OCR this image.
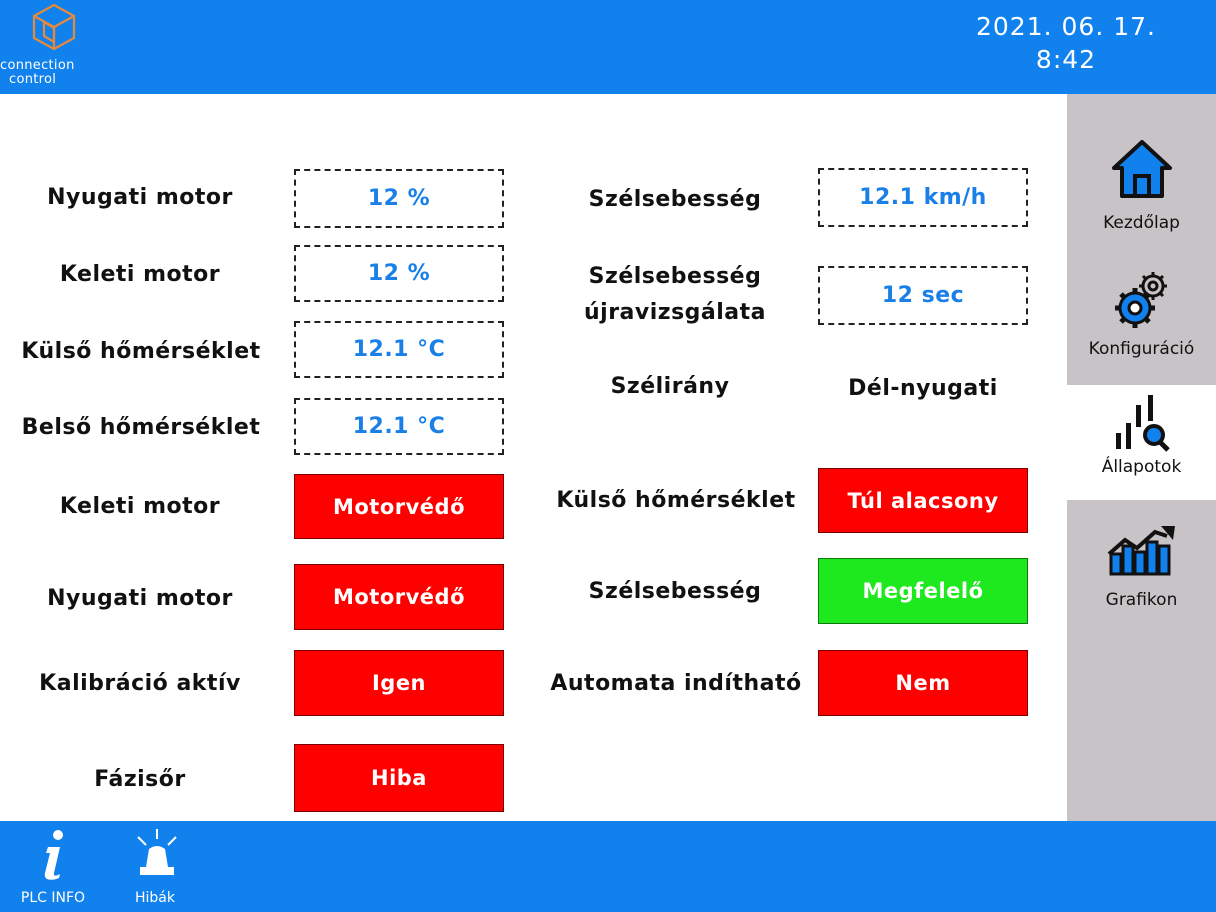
connection
control
2021. 06. 17.
8:42
Nyugati motor	12 %
Keleti motor	12 %
Külső hőmérséklet	12.1 °C
Belső hőmérséklet	12.1 °C
Keleti motor	Motorvédő
Nyugati motor	Motorvédő
Kalibráció aktív	Igen
Fázisőr	Hiba
Szélsebesség	12.1 km/h
Szélsebesség
újravizsgálata
12 sec
Szélirány	Dél-nyugati
Külső hőmérséklet	Túl alacsony
Szélsebesség	Megfelelő
Automata indítható	Nem
Kezdőlap
Konfiguráció
Állapotok
Grafikon
PLC INFO	Hibák
